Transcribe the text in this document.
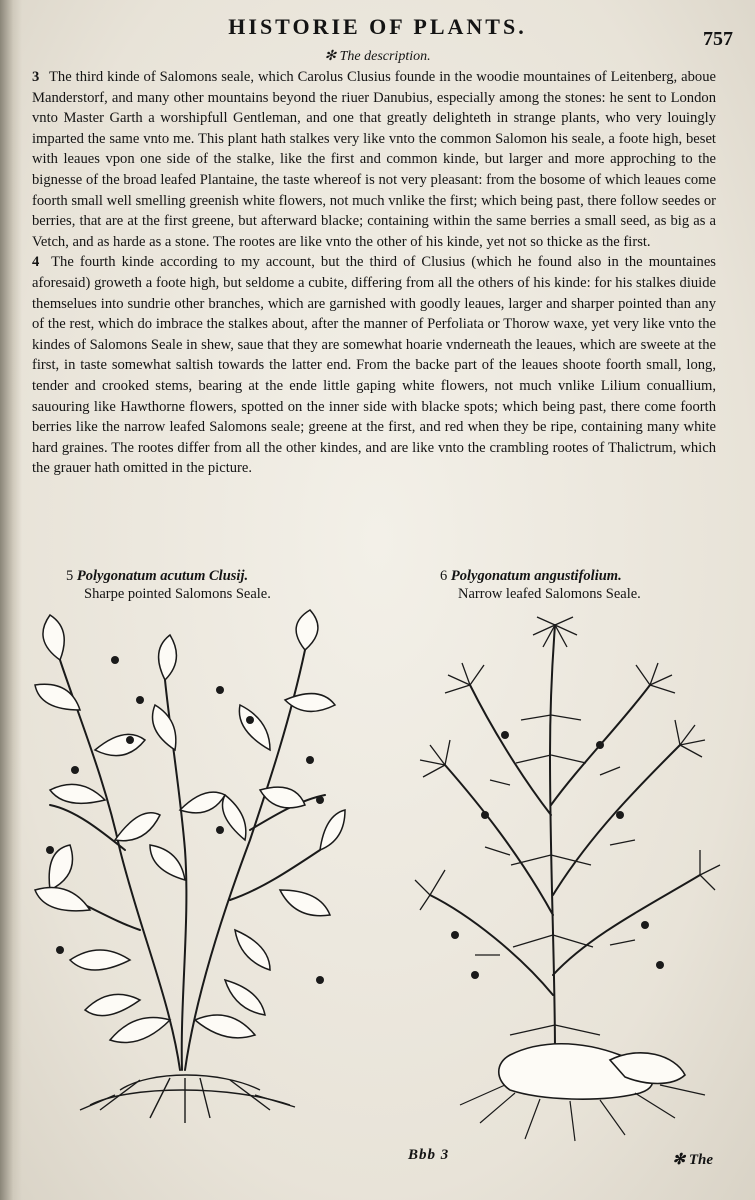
HISTORIE OF PLANTS.	757
✻ The description.

3 The third kinde of Salomons seale, which Carolus Clusius founde in the woodie mountaines of Leitenberg, aboue Manderstorf, and many other mountains beyond the riuer Danubius, especially among the stones: he sent to London vnto Master Garth a worshipfull Gentleman, and one that greatly delighteth in strange plants, who very louingly imparted the same vnto me. This plant hath stalkes very like vnto the common Salomon his seale, a foote high, beset with leaues vpon one side of the stalke, like the first and common kinde, but larger and more approching to the bignesse of the broad leafed Plantaine, the taste whereof is not very pleasant: from the bosome of which leaues come foorth small well smelling greenish white flowers, not much vnlike the first; which being past, there follow seedes or berries, that are at the first greene, but afterward blacke; containing within the same berries a small seed, as big as a Vetch, and as harde as a stone. The rootes are like vnto the other of his kinde, yet not so thicke as the first.

4 The fourth kinde according to my account, but the third of Clusius (which he found also in the mountaines aforesaid) groweth a foote high, but seldome a cubite, differing from all the others of his kinde: for his stalkes diuide themselues into sundrie other branches, which are garnished with goodly leaues, larger and sharper pointed than any of the rest, which do imbrace the stalkes about, after the manner of Perfoliata or Thorow waxe, yet very like vnto the kindes of Salomons Seale in shew, saue that they are somewhat hoarie vnderneath the leaues, which are sweete at the first, in taste somewhat saltish towards the latter end. From the backe part of the leaues shoote foorth small, long, tender and crooked stems, bearing at the ende little gaping white flowers, not much vnlike Lilium conuallium, sauouring like Hawthorne flowers, spotted on the inner side with blacke spots; which being past, there come foorth berries like the narrow leafed Salomons seale; greene at the first, and red when they be ripe, containing many white hard graines. The rootes differ from all the other kindes, and are like vnto the crambling rootes of Thalictrum, which the grauer hath omitted in the picture.

5 Polygonatum acutum Clusij.
Sharpe pointed Salomons Seale.
6 Polygonatum angustifolium.
Narrow leafed Salomons Seale.
Bbb 3	✻ The
